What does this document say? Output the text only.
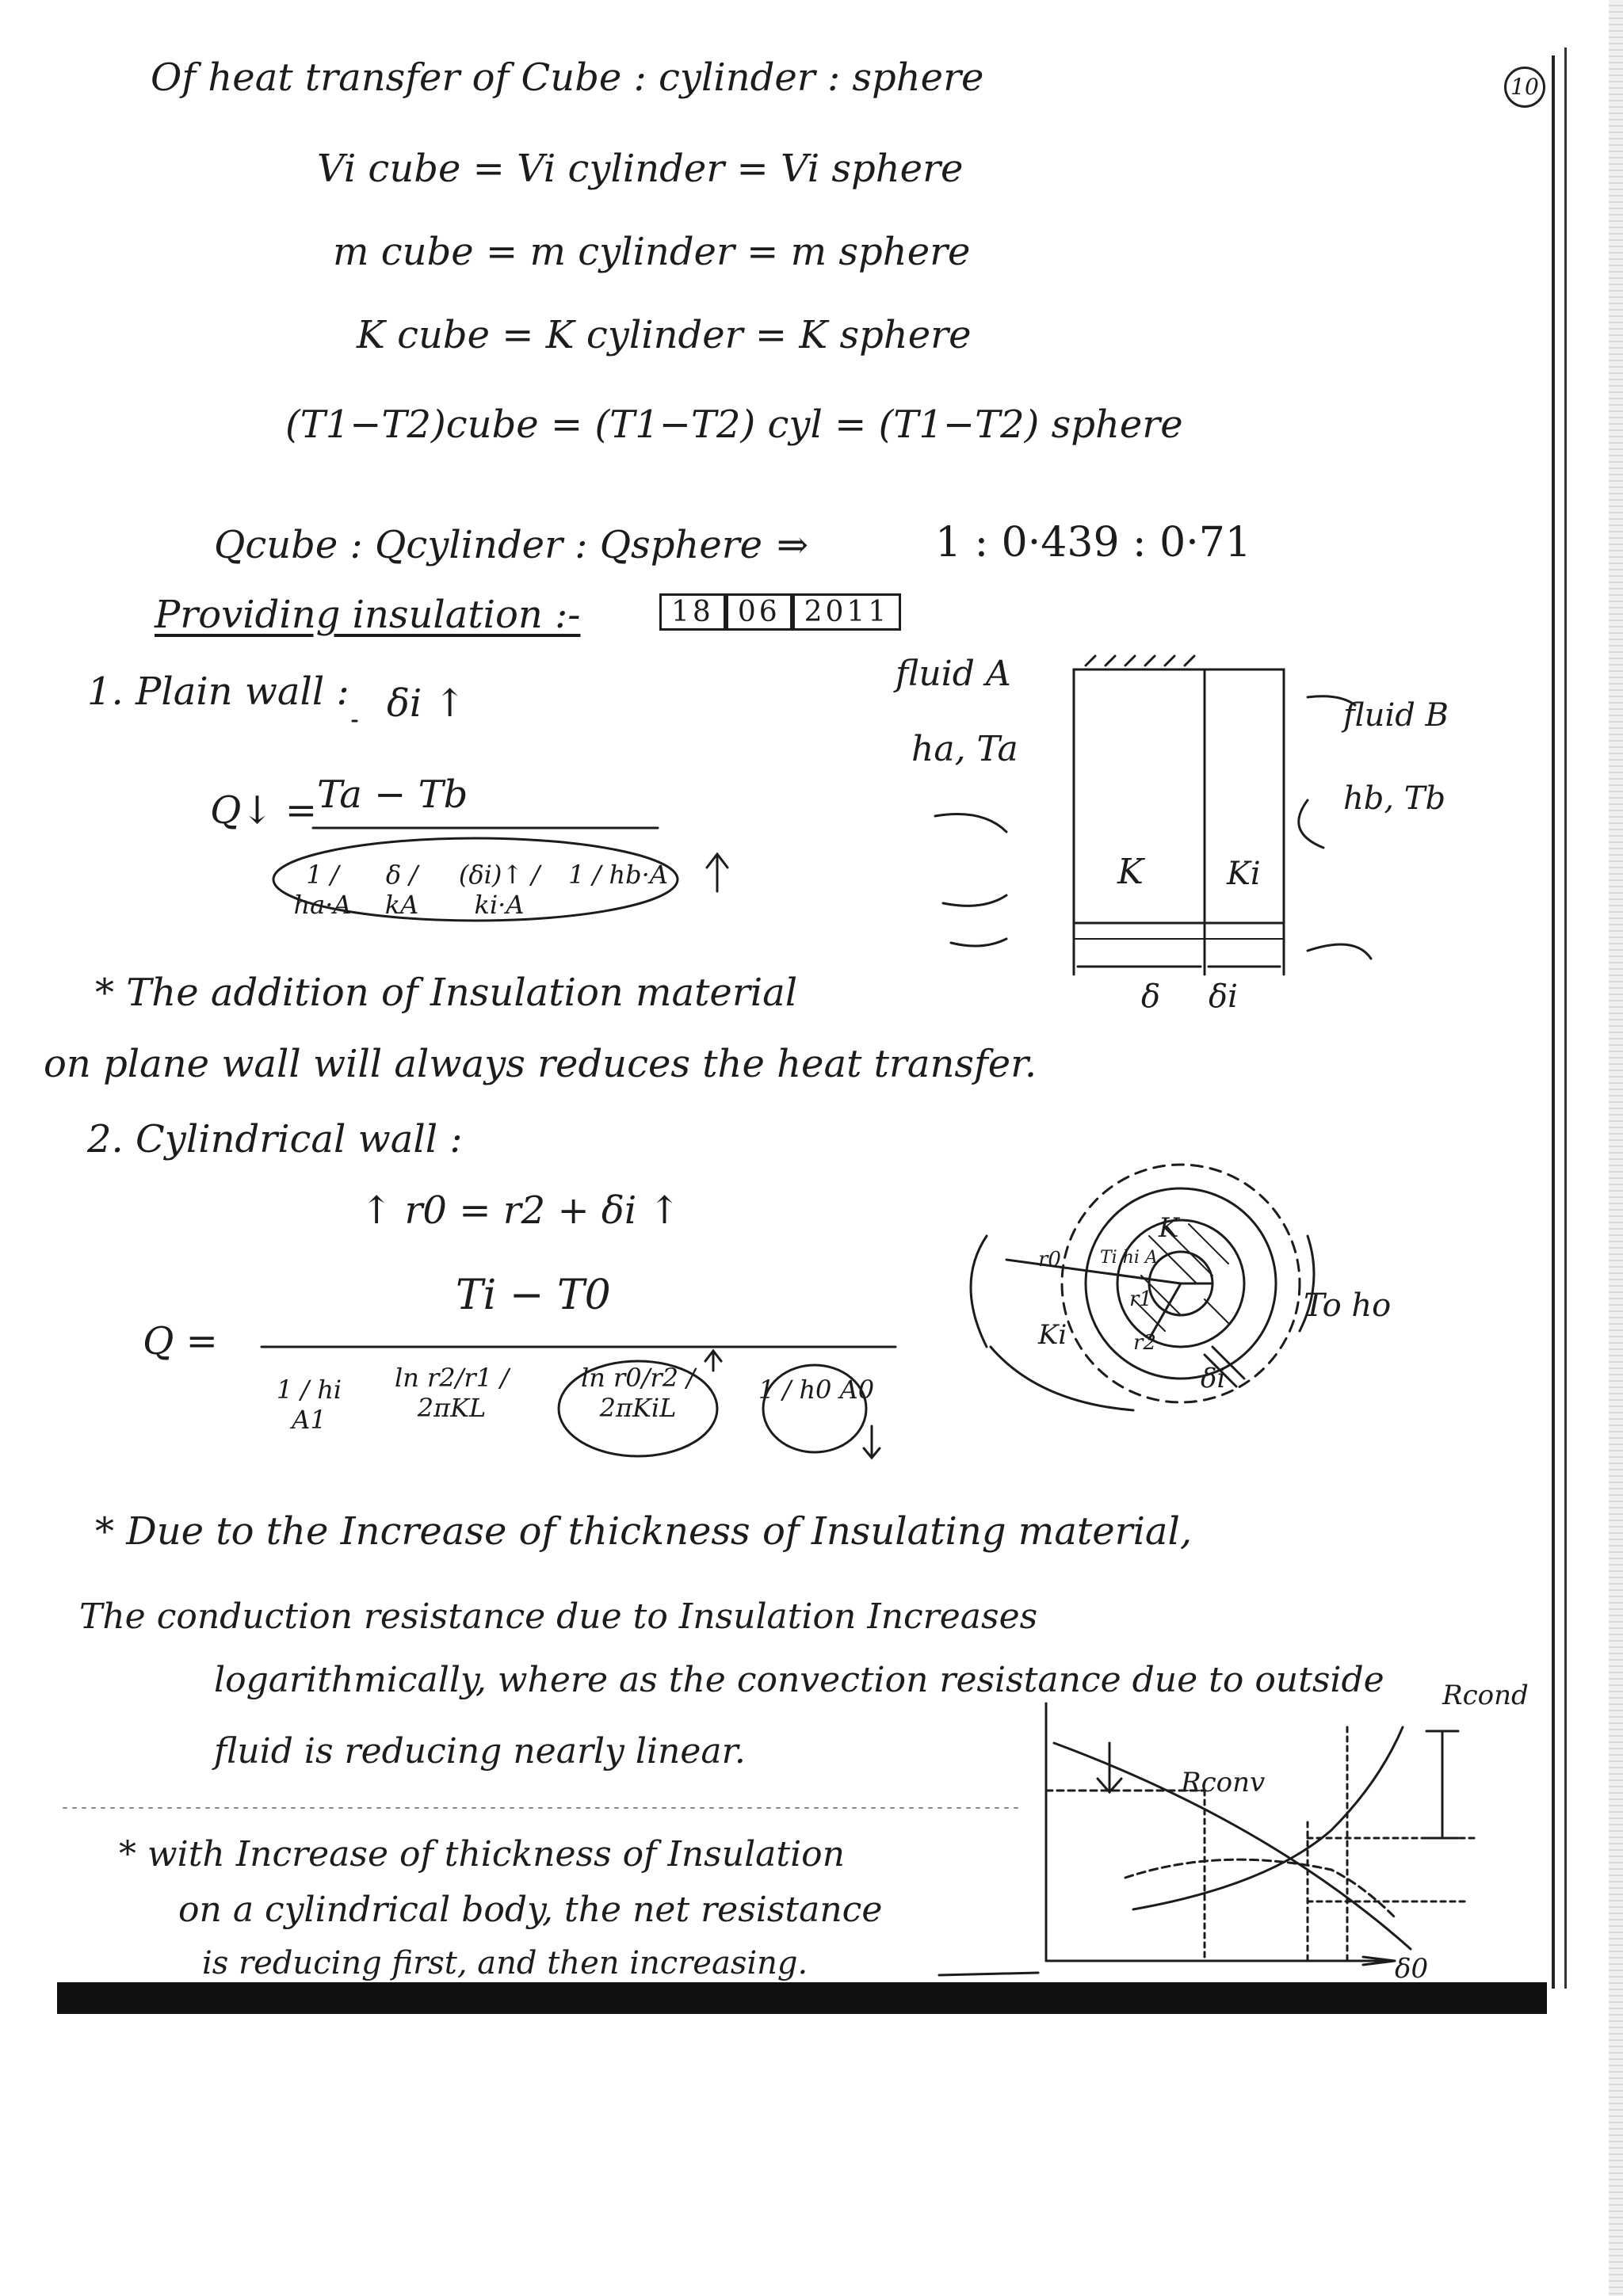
10
Of heat transfer of Cube : cylinder : sphere
Vi cube = Vi cylinder = Vi sphere
m cube = m cylinder = m sphere
K cube = K cylinder = K sphere
(T1−T2)cube = (T1−T2) cyl = (T1−T2) sphere
Qcube : Qcylinder : Qsphere ⇒	1 : 0·439 : 0·71
Providing insulation :-	18 06 2011
1. Plain wall : δi ↑
Q↓ = Ta − Tb
1 / ha·A
δ / kA
(δi)↑ / ki·A
1 / hb·A
* The addition of Insulation material
on plane wall will always reduces the heat transfer.
2. Cylindrical wall :
↑ r0 = r2 + δi ↑
Q =
Ti − T0
1 / hi A1
ln r2/r1 / 2πKL
ln r0/r2 / 2πKiL
1 / h0 A0
* Due to the Increase of thickness of Insulating material,
The conduction resistance due to Insulation Increases
logarithmically, where as the convection resistance due to outside
fluid is reducing nearly linear.
* with Increase of thickness of Insulation
on a cylindrical body, the net resistance
is reducing first, and then increasing.
fluid A
ha, Ta
fluid B
hb, Tb
K	Ki
δ δi
K
Ti hi A
r0
r1
r2
Ki
δi
To ho
Rcond
Rconv
δ0
